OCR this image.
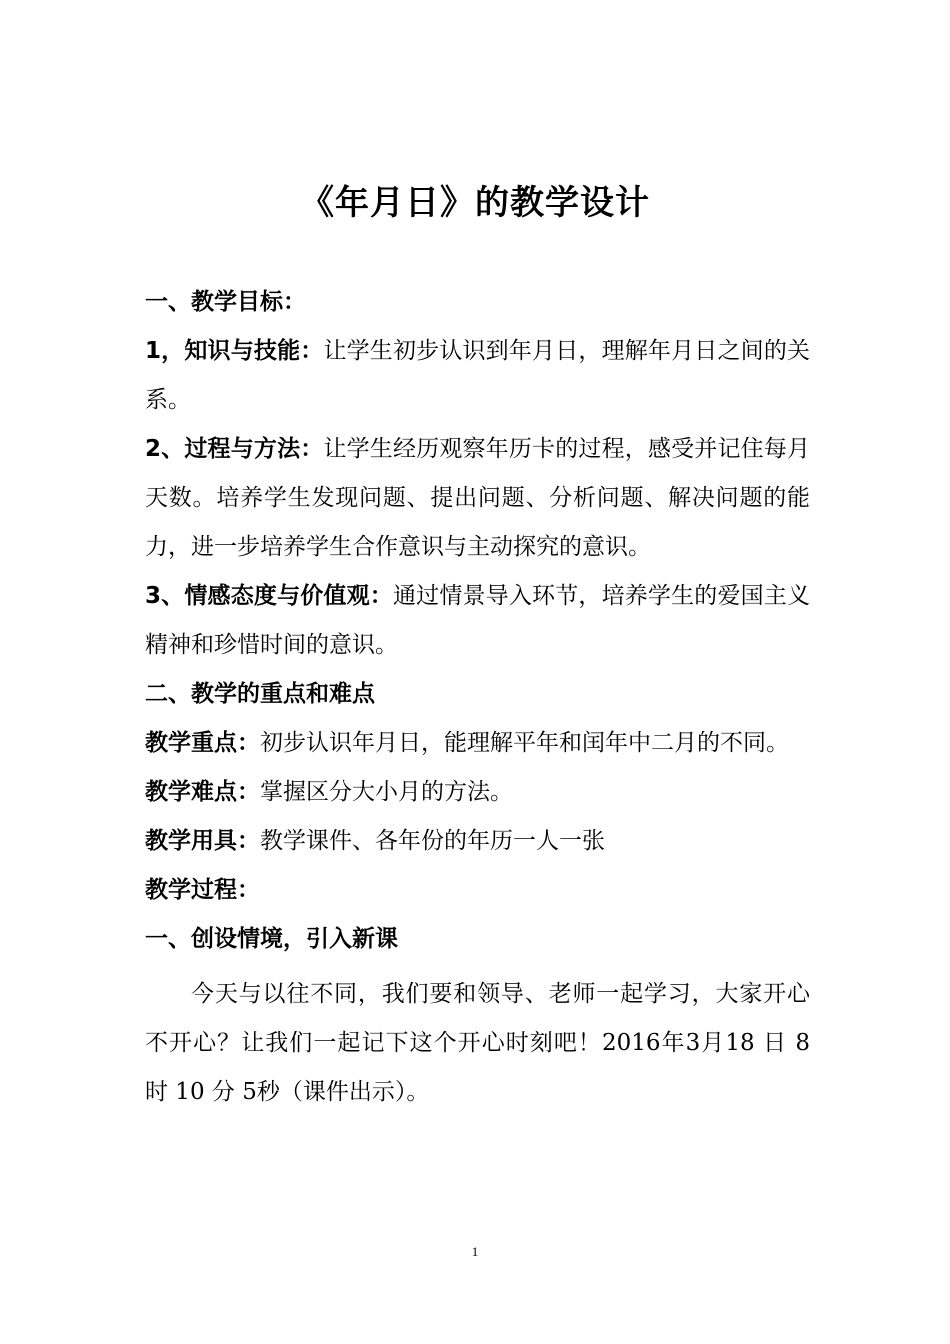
《年月日》的教学设计

一、教学目标：

1，知识与技能：让学生初步认识到年月日，理解年月日之间的关系。

2、过程与方法：让学生经历观察年历卡的过程，感受并记住每月天数。培养学生发现问题、提出问题、分析问题、解决问题的能力，进一步培养学生合作意识与主动探究的意识。

3、情感态度与价值观：通过情景导入环节，培养学生的爱国主义精神和珍惜时间的意识。

二、教学的重点和难点

教学重点：初步认识年月日，能理解平年和闰年中二月的不同。

教学难点：掌握区分大小月的方法。

教学用具：教学课件、各年份的年历一人一张

教学过程：

一、创设情境，引入新课

今天与以往不同，我们要和领导、老师一起学习，大家开心不开心？让我们一起记下这个开心时刻吧！2016年3月18 日 8 时 10 分 5秒（课件出示）。

1
